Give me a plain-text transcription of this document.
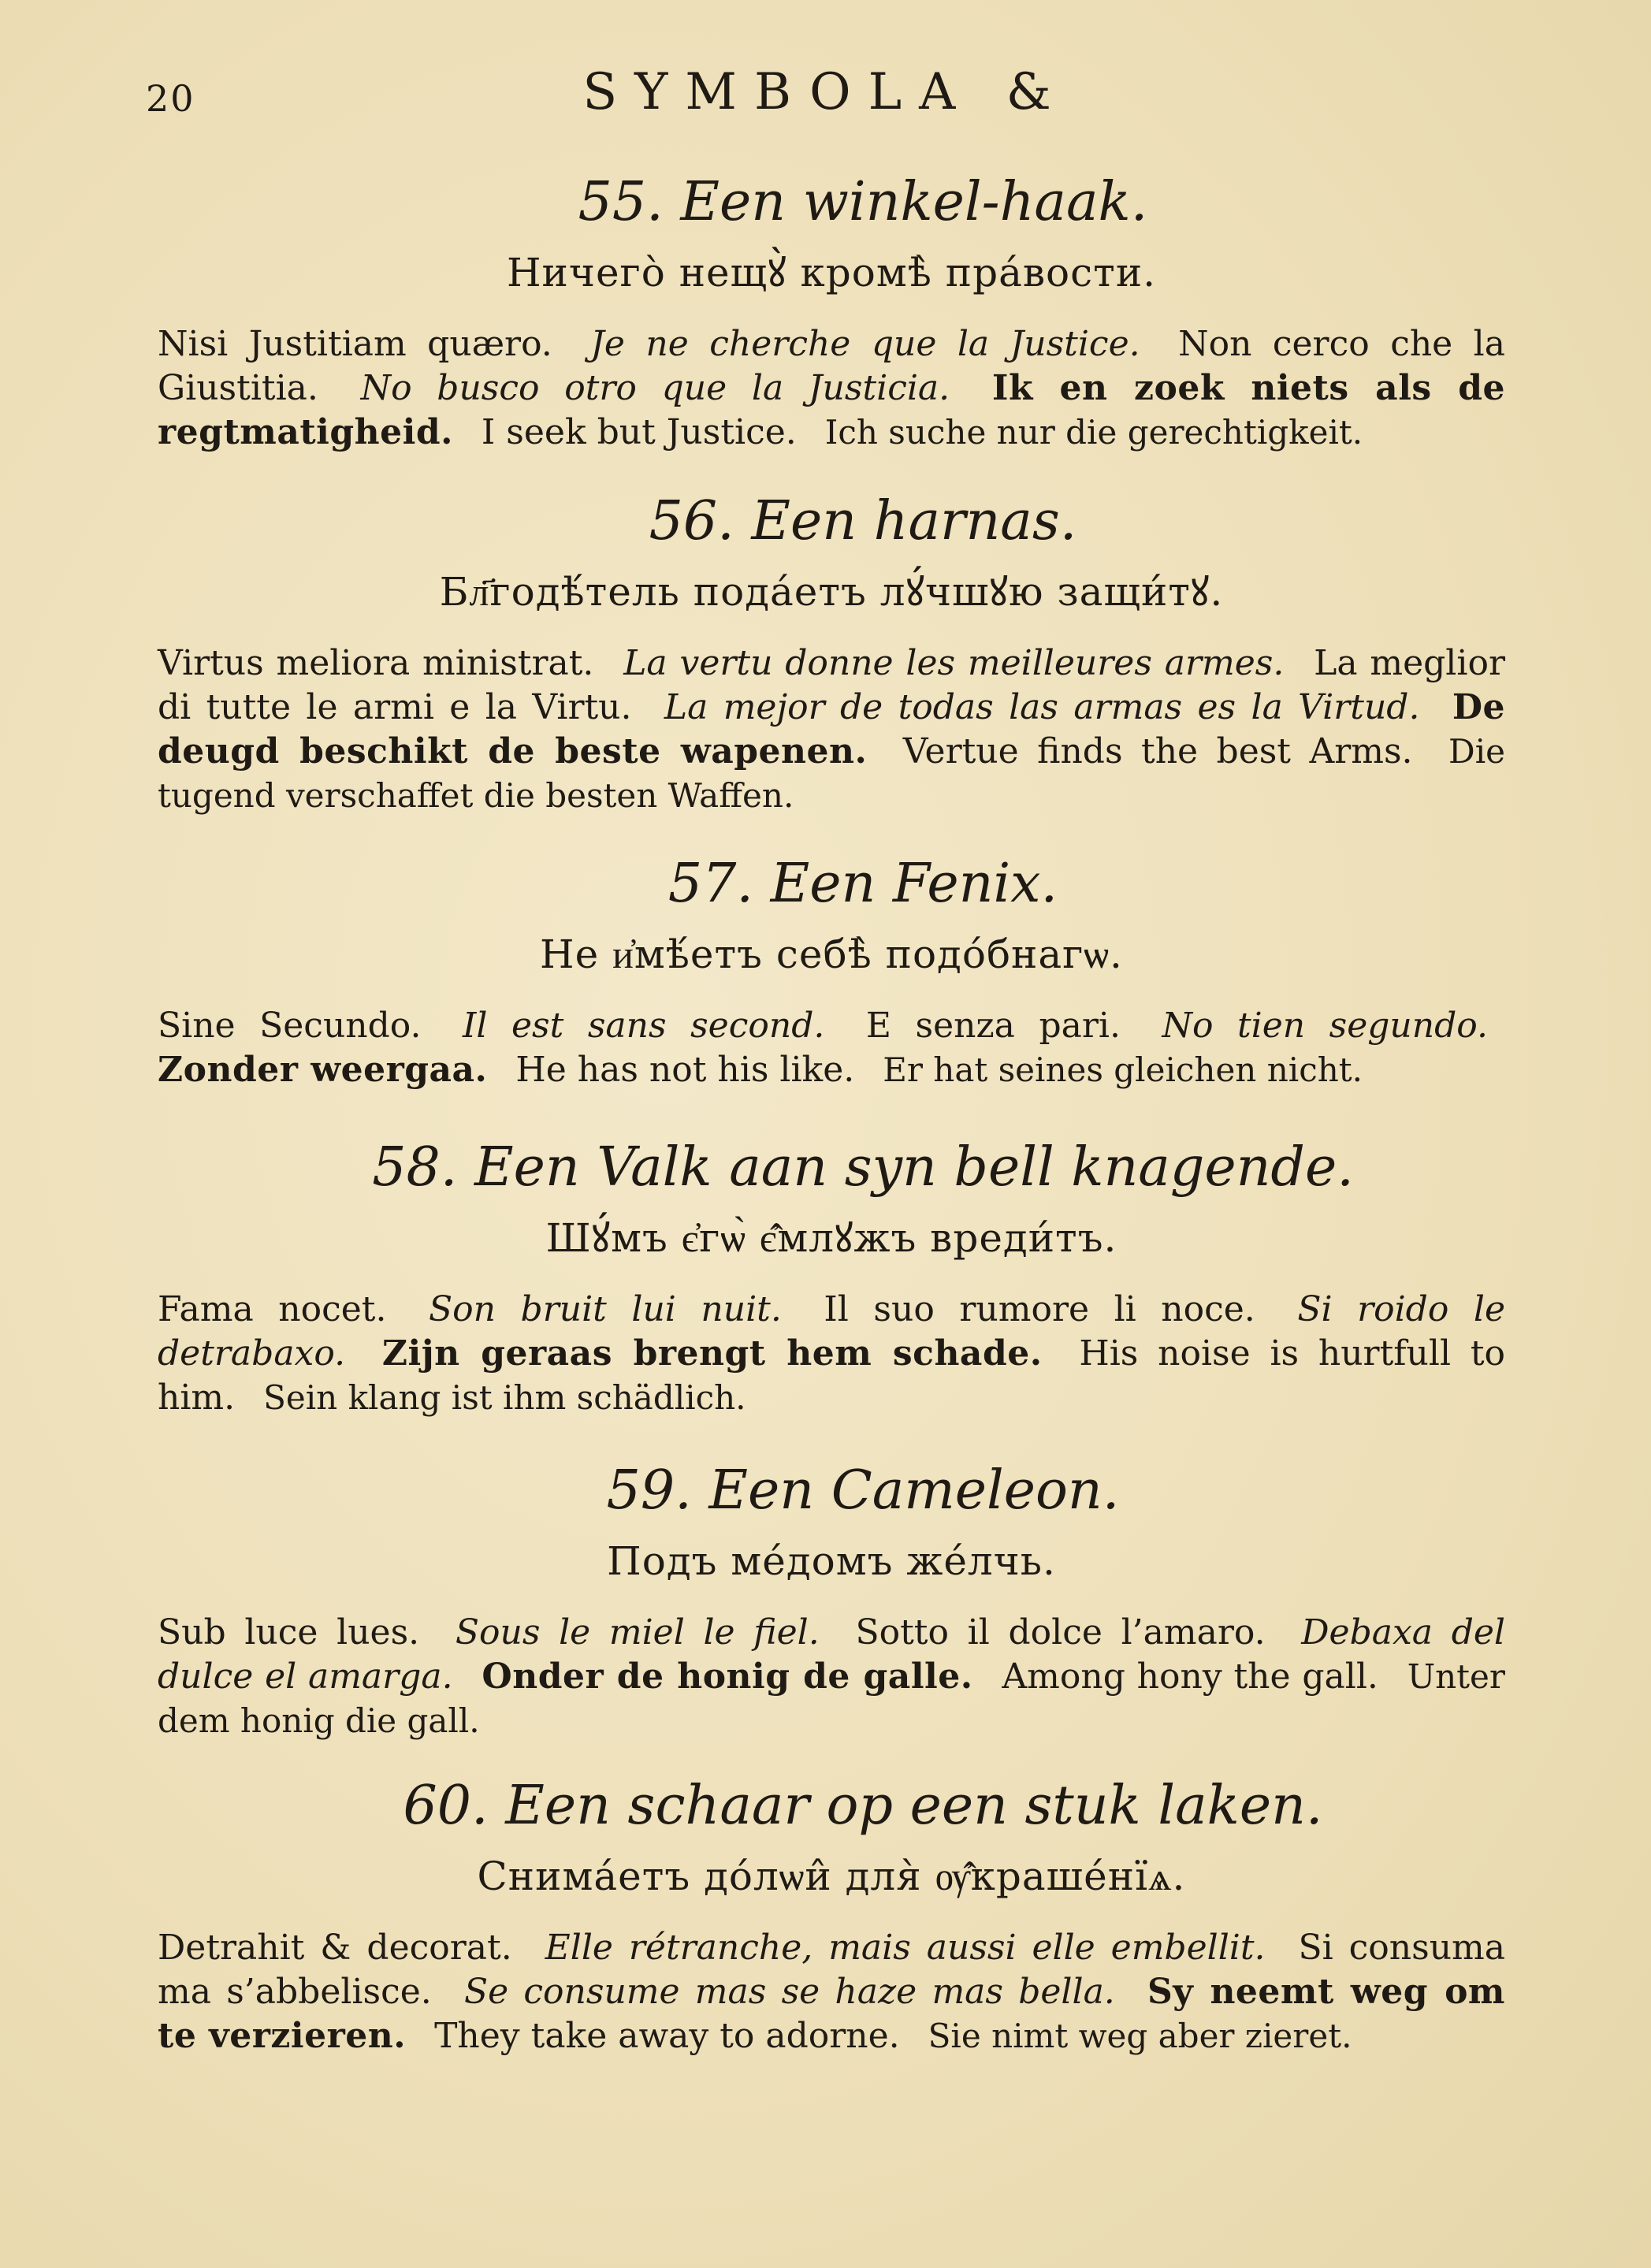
20	SYMBOLA &
55. Een winkel-haak.
Ничего̀ нещꙋ̀ кромѣ̀ пра́вости.
Nisi Justitiam quæro. Je ne cherche que la Justice. Non cerco che la Giustitia. No busco otro que la Justicia. Ik en zoek niets als de regtmatigheid. I seek but Justice. Ich suche nur die gerechtigkeit.
56. Een harnas.
Бл҃годѣ́тель пода́етъ лꙋ́чшꙋю защи́тꙋ.
Virtus meliora ministrat. La vertu donne les meilleures armes. La meglior di tutte le armi e la Virtu. La mejor de todas las armas es la Virtud. De deugd beschikt de beste wapenen. Vertue finds the best Arms. Die tugend verschaffet die besten Waffen.
57. Een Fenix.
Не и҆мѣ́етъ себѣ̀ подо́бнагѡ.
Sine Secundo. Il est sans second. E senza pari. No tien segundo. Zonder weergaa. He has not his like. Er hat seines gleichen nicht.
58. Een Valk aan syn bell knagende.
Шꙋ́мъ є҆гѡ̀ є҆̂млꙋжъ вреди́тъ.
Fama nocet. Son bruit lui nuit. Il suo rumore li noce. Si roido le detrabaxo. Zijn geraas brengt hem schade. His noise is hurtfull to him. Sein klang ist ihm schädlich.
59. Een Cameleon.
Подъ ме́домъ же́лчь.
Sub luce lues. Sous le miel le fiel. Sotto il dolce l’amaro. Debaxa del dulce el amarga. Onder de honig de galle. Among hony the gall. Unter dem honig die gall.
60. Een schaar op een stuk laken.
Снима́етъ до́лѡи̂ для̀ ѹ҆̂краше́нїѧ.
Detrahit & decorat. Elle rétranche, mais aussi elle embellit. Si consuma ma s’abbelisce. Se consume mas se haze mas bella. Sy neemt weg om te verzieren. They take away to adorne. Sie nimt weg aber zieret.
